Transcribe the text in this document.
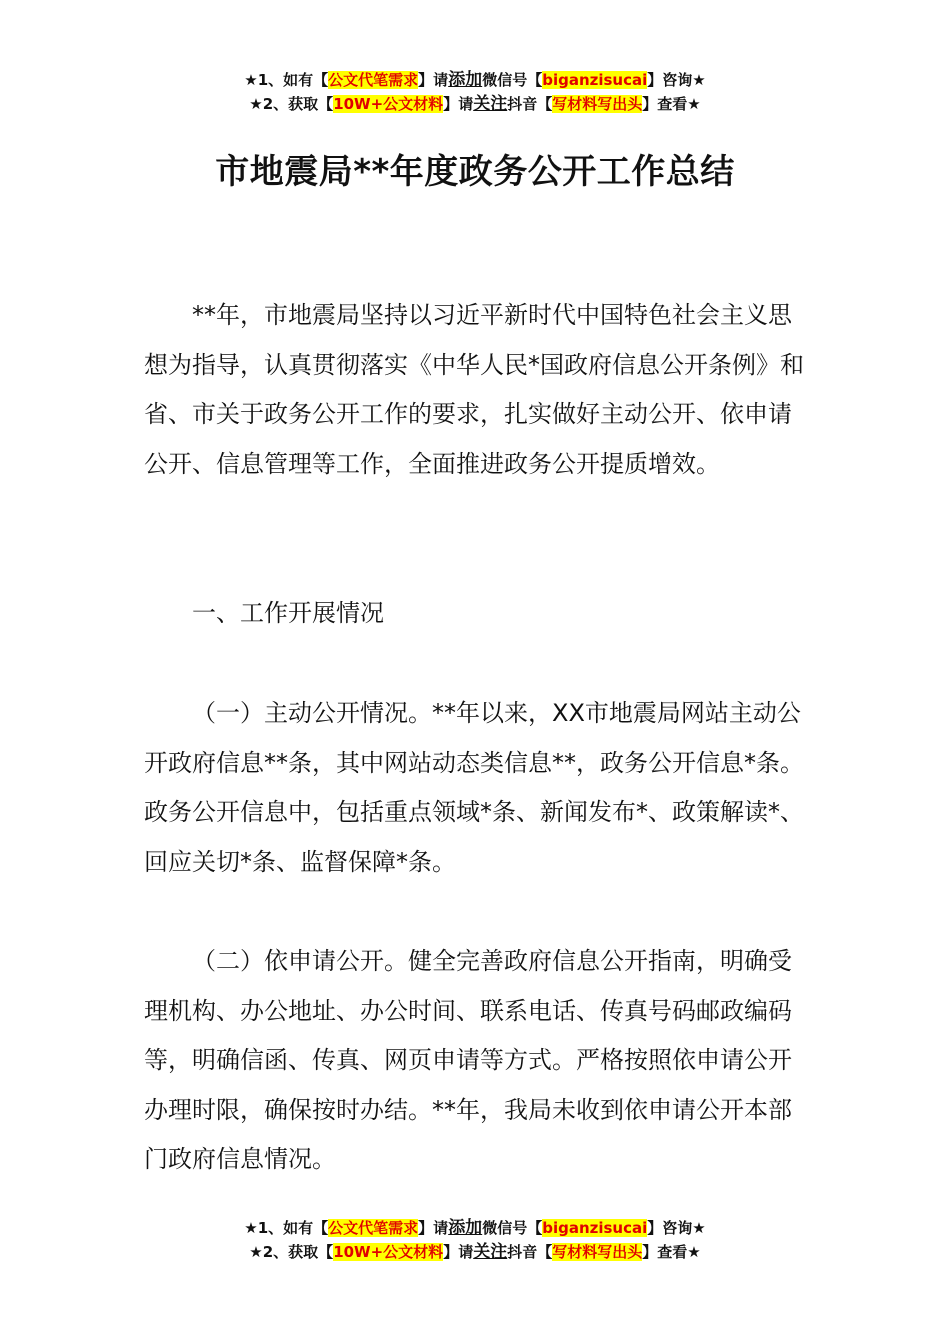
★1、如有【公文代笔需求】请添加微信号【biganzisucai】咨询★
★2、获取【10W+公文材料】请关注抖音【写材料写出头】查看★
市地震局**年度政务公开工作总结

**年，市地震局坚持以习近平新时代中国特色社会主义思想为指导，认真贯彻落实《中华人民*国政府信息公开条例》和省、市关于政务公开工作的要求，扎实做好主动公开、依申请公开、信息管理等工作，全面推进政务公开提质增效。

一、工作开展情况

（一）主动公开情况。**年以来，XX市地震局网站主动公开政府信息**条，其中网站动态类信息**，政务公开信息*条。政务公开信息中，包括重点领域*条、新闻发布*、政策解读*、回应关切*条、监督保障*条。

（二）依申请公开。健全完善政府信息公开指南，明确受理机构、办公地址、办公时间、联系电话、传真号码邮政编码等，明确信函、传真、网页申请等方式。严格按照依申请公开办理时限，确保按时办结。**年，我局未收到依申请公开本部门政府信息情况。

★1、如有【公文代笔需求】请添加微信号【biganzisucai】咨询★
★2、获取【10W+公文材料】请关注抖音【写材料写出头】查看★
